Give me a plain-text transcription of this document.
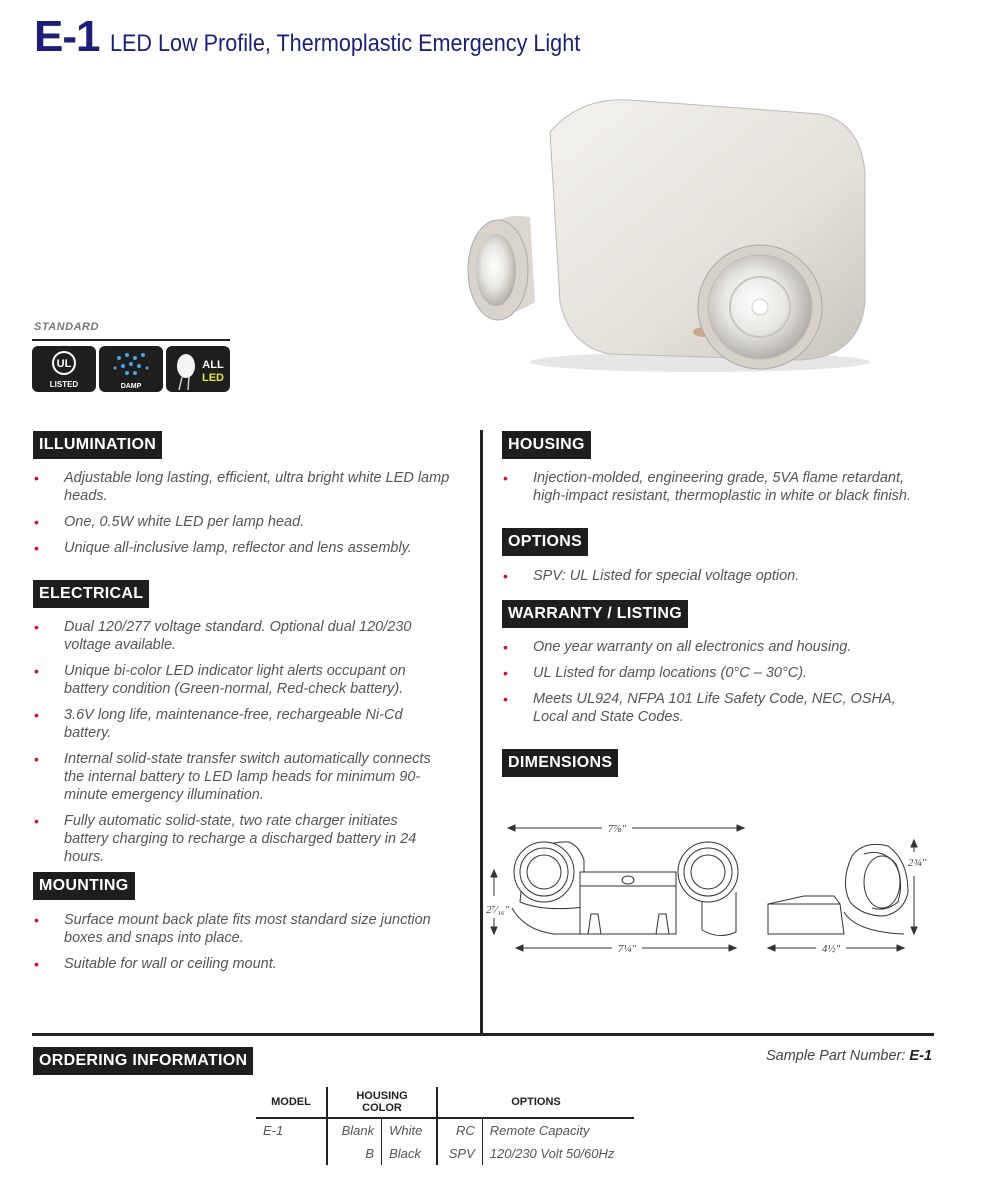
E-1 LED Low Profile, Thermoplastic Emergency Light
STANDARD
UL
LISTED	DAMP
ALL
LED
ILLUMINATION
• Adjustable long lasting, efficient, ultra bright white LED lamp heads.
• One, 0.5W white LED per lamp head.
• Unique all-inclusive lamp, reflector and lens assembly.
ELECTRICAL
• Dual 120/277 voltage standard. Optional dual 120/230 voltage available.
• Unique bi-color LED indicator light alerts occupant on battery condition (Green-normal, Red-check battery).
• 3.6V long life, maintenance-free, rechargeable Ni-Cd battery.
• Internal solid-state transfer switch automatically connects the internal battery to LED lamp heads for minimum 90-minute emergency illumination.
• Fully automatic solid-state, two rate charger initiates battery charging to recharge a discharged battery in 24 hours.
MOUNTING
• Surface mount back plate fits most standard size junction boxes and snaps into place.
• Suitable for wall or ceiling mount.
HOUSING
• Injection-molded, engineering grade, 5VA flame retardant, high-impact resistant, thermoplastic in white or black finish.
OPTIONS
• SPV: UL Listed for special voltage option.
WARRANTY / LISTING
• One year warranty on all electronics and housing.
• UL Listed for damp locations (0°C – 30°C).
• Meets UL924, NFPA 101 Life Safety Code, NEC, OSHA, Local and State Codes.
DIMENSIONS
7⅞"
7¼"
2⁷⁄₁₆"
4½"
2¾"
ORDERING INFORMATION	Sample Part Number: E-1
MODEL	HOUSING COLOR		OPTIONS	
E-1	Blank	White	RC	Remote Capacity
	B	Black	SPV	120/230 Volt 50/60Hz
